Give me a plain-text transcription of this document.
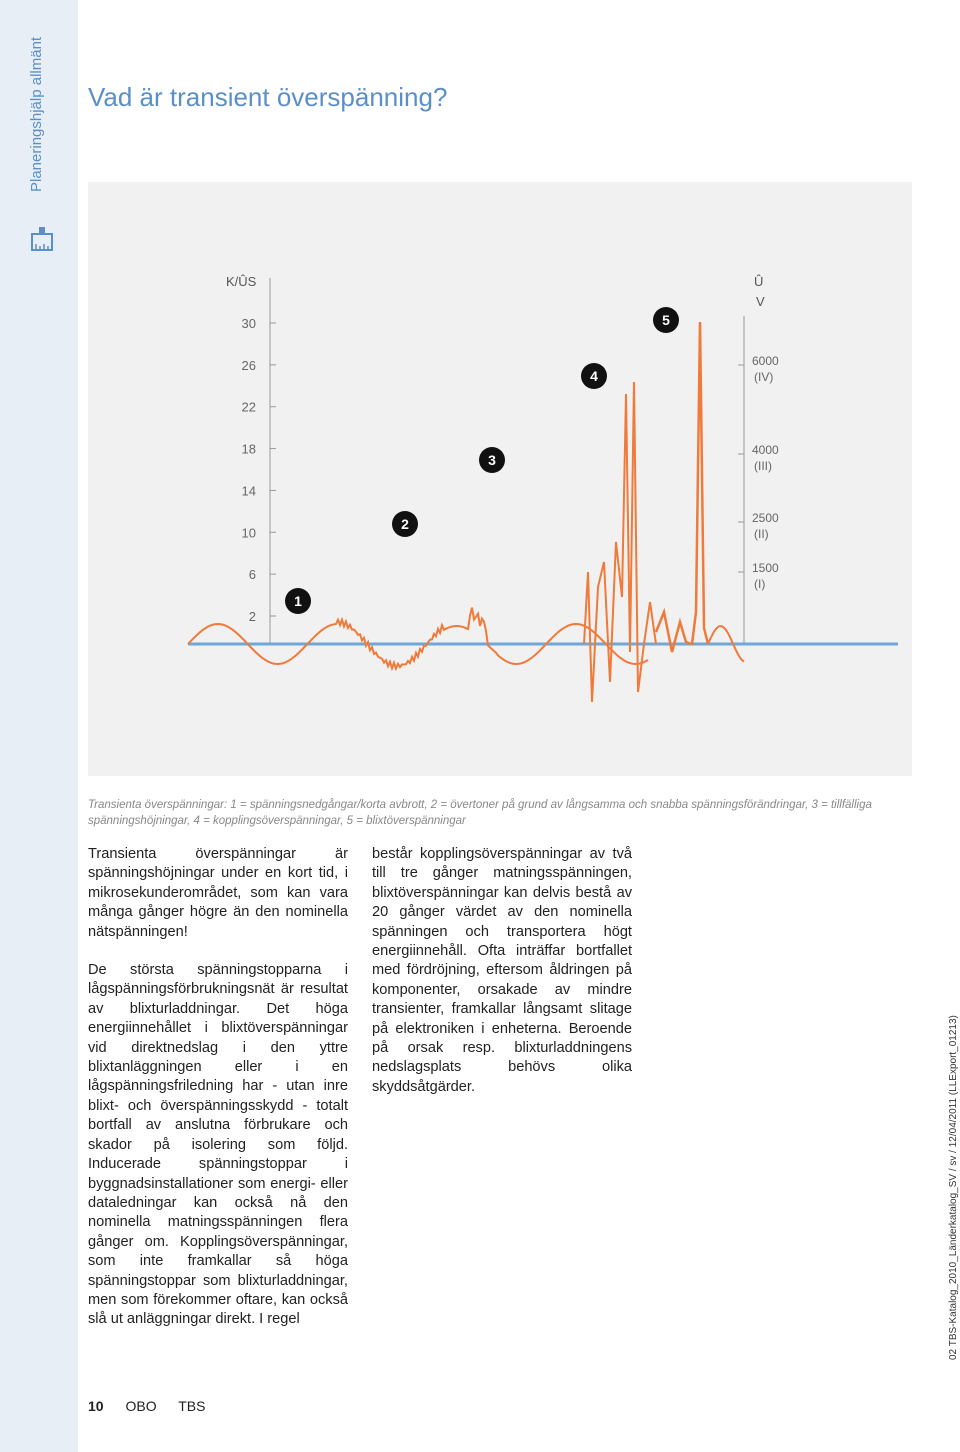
Planeringshjälp allmänt Vad är transient överspänning?
K/ÛS
30
26
22
18
14
10
6
2
Û
V
6000
(IV)
4000
(III)
2500
(II)
1500
(I)
1
2
3
4
5
Transienta överspänningar: 1 = spänningsnedgångar/korta avbrott, 2 = övertoner på grund av långsamma och snabba spänningsförändringar, 3 = tillfälliga spänningshöjningar, 4 = kopplingsöverspänningar, 5 = blixtöverspänningar

Transienta överspänningar är spänningshöjningar under en kort tid, i mikrosekunderområdet, som kan vara många gånger högre än den nominella nätspänningen!

De största spänningstopparna i lågspänningsförbrukningsnät är resultat av blixturladdningar. Det höga energiinnehållet i blixtöverspänningar vid direktnedslag i den yttre blixtanläggningen eller i en lågspänningsfriledning har - utan inre blixt- och överspänningsskydd - totalt bortfall av anslutna förbrukare och skador på isolering som följd. Inducerade spänningstoppar i byggnadsinstallationer som energi- eller dataledningar kan också nå den nominella matningsspänningen flera gånger om. Kopplingsöverspänningar, som inte framkallar så höga spänningstoppar som blixturladdningar, men som förekommer oftare, kan också slå ut anläggningar direkt. I regel

består kopplingsöverspänningar av två till tre gånger matningsspänningen, blixtöverspänningar kan delvis bestå av 20 gånger värdet av den nominella spänningen och transportera högt energiinnehåll. Ofta inträffar bortfallet med fördröjning, eftersom åldringen på komponenter, orsakade av mindre transienter, framkallar långsamt slitage på elektroniken i enheterna. Beroende på orsak resp. blixturladdningens nedslagsplats behövs olika skyddsåtgärder.	02 TBS-Katalog_2010_Länderkatalog_SV / sv / 12/04/2011 (LLExport_01213)
10 OBO TBS
